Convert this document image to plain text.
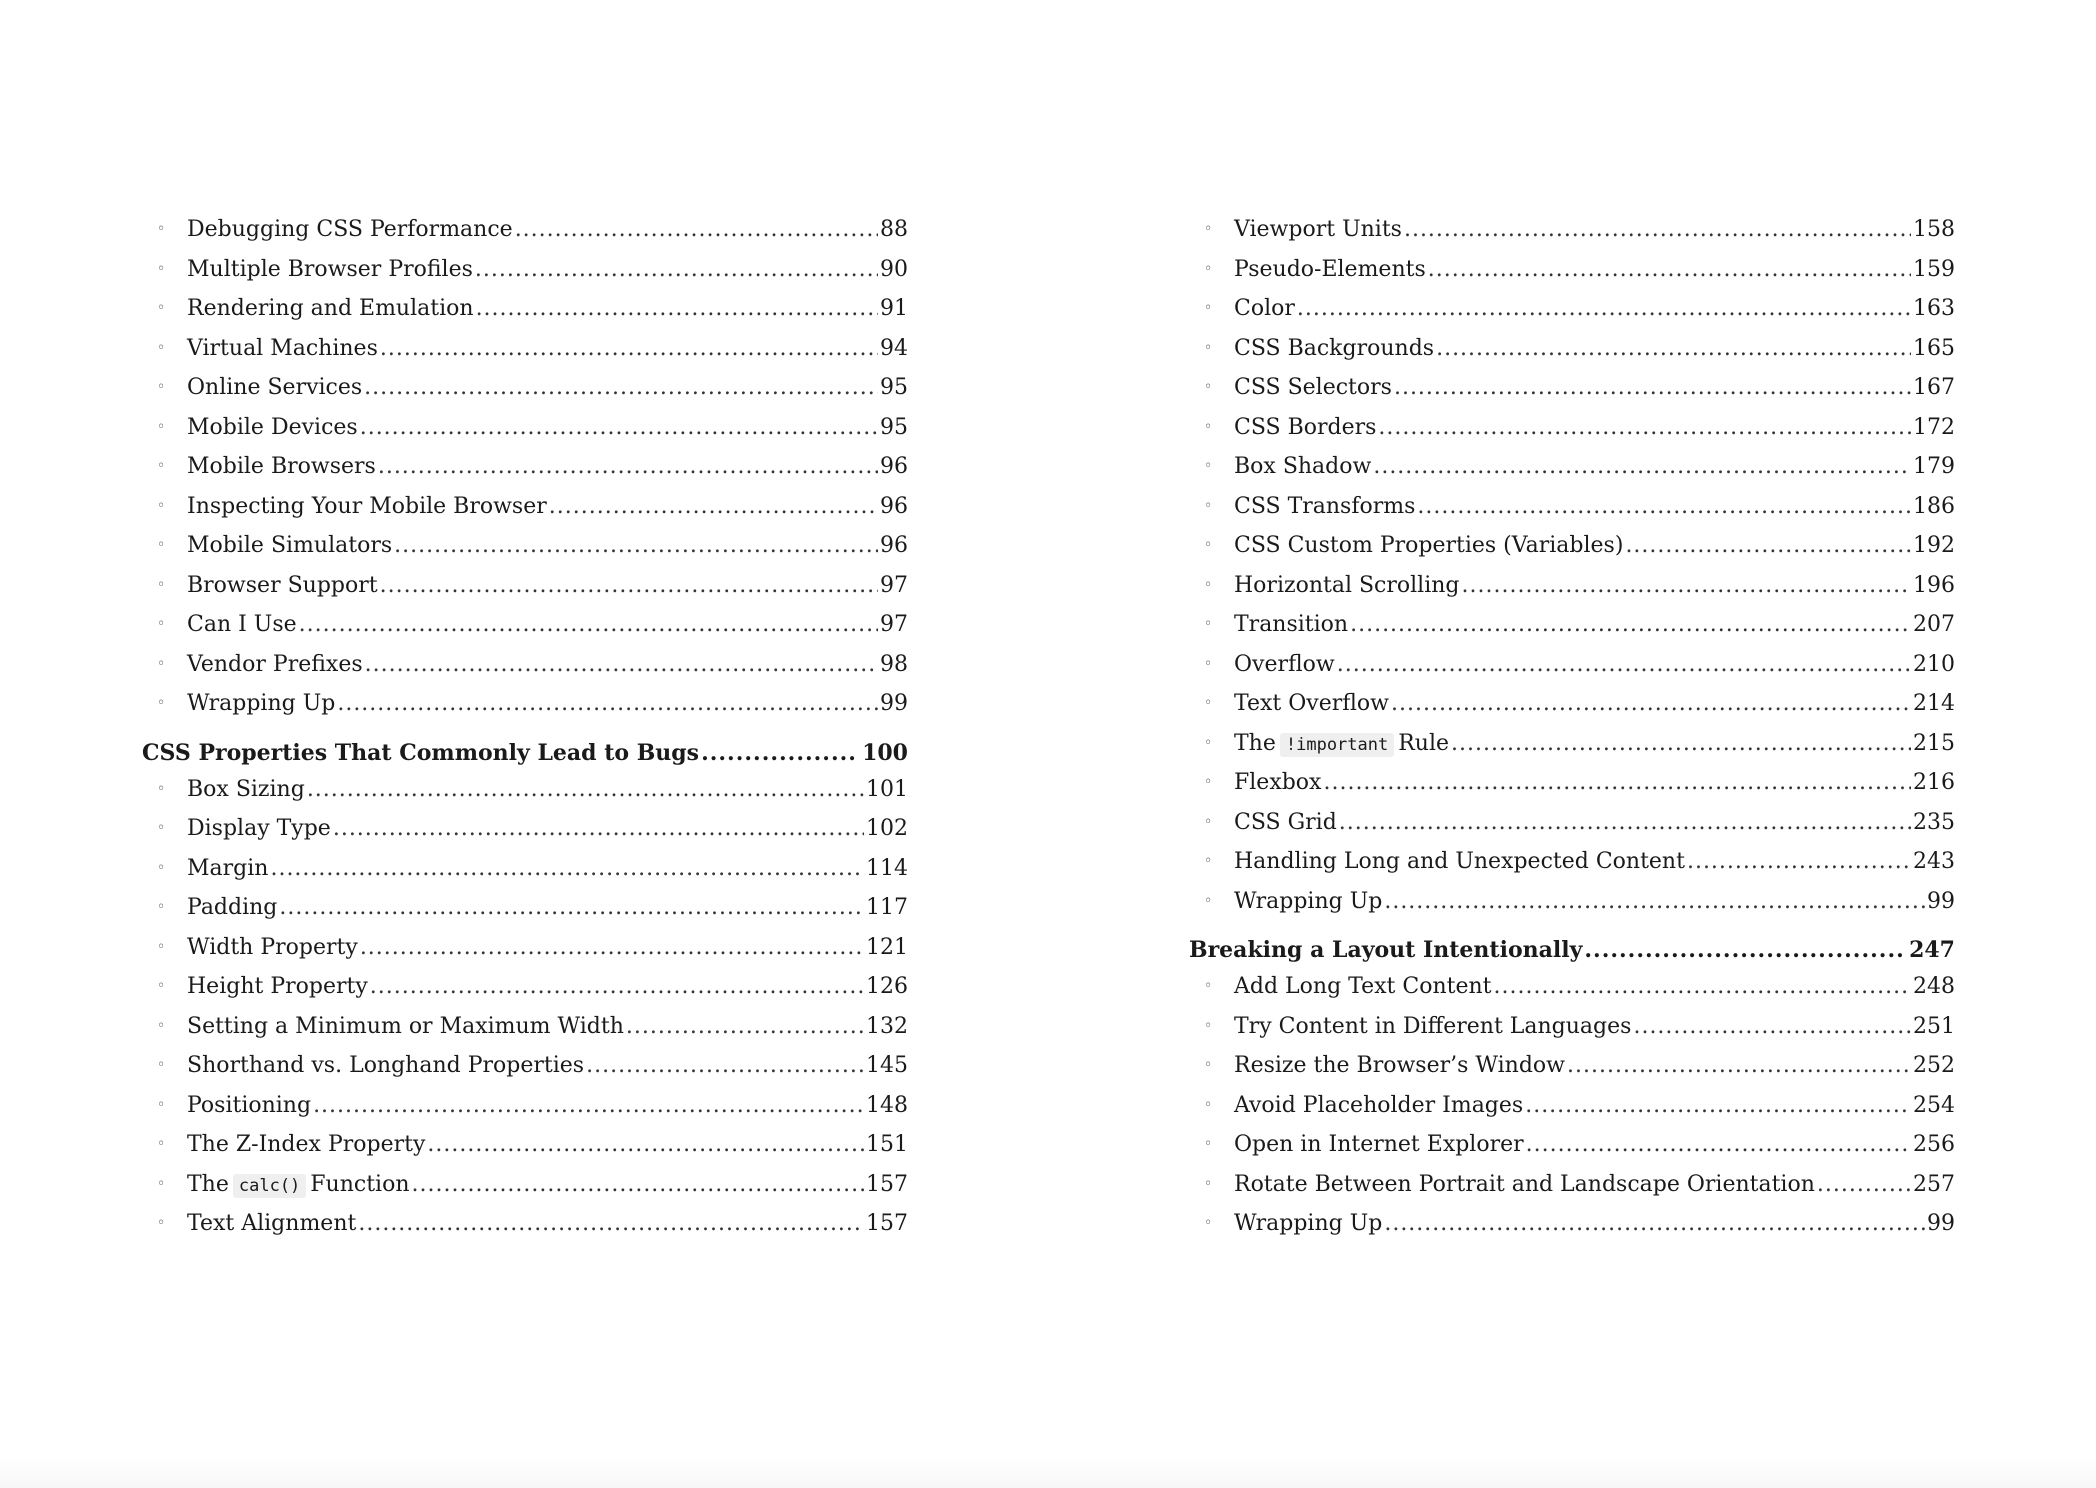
◦ Debugging CSS Performance .....	88
◦ Multiple Browser Profiles .....	90
◦ Rendering and Emulation .....	91
◦ Virtual Machines .....	94
◦ Online Services .....	95
◦ Mobile Devices .....	95
◦ Mobile Browsers .....	96
◦ Inspecting Your Mobile Browser .....	96
◦ Mobile Simulators .....	96
◦ Browser Support .....	97
◦ Can I Use .....	97
◦ Vendor Prefixes .....	98
◦ Wrapping Up .....	99
CSS Properties That Commonly Lead to Bugs .....	100
◦ Box Sizing .....	101
◦ Display Type .....	102
◦ Margin .....	114
◦ Padding .....	117
◦ Width Property .....	121
◦ Height Property .....	126
◦ Setting a Minimum or Maximum Width .....	132
◦ Shorthand vs. Longhand Properties .....	145
◦ Positioning .....	148
◦ The Z-Index Property .....	151
◦ The calc() Function .....	157
◦ Text Alignment .....	157
◦ Viewport Units .....	158
◦ Pseudo-Elements .....	159
◦ Color .....	163
◦ CSS Backgrounds .....	165
◦ CSS Selectors .....	167
◦ CSS Borders .....	172
◦ Box Shadow .....	179
◦ CSS Transforms .....	186
◦ CSS Custom Properties (Variables) .....	192
◦ Horizontal Scrolling .....	196
◦ Transition .....	207
◦ Overflow .....	210
◦ Text Overflow .....	214
◦ The !important Rule .....	215
◦ Flexbox .....	216
◦ CSS Grid .....	235
◦ Handling Long and Unexpected Content .....	243
◦ Wrapping Up .....	99
Breaking a Layout Intentionally .....	247
◦ Add Long Text Content .....	248
◦ Try Content in Different Languages .....	251
◦ Resize the Browser’s Window .....	252
◦ Avoid Placeholder Images .....	254
◦ Open in Internet Explorer .....	256
◦ Rotate Between Portrait and Landscape Orientation .....	257
◦ Wrapping Up .....	99
